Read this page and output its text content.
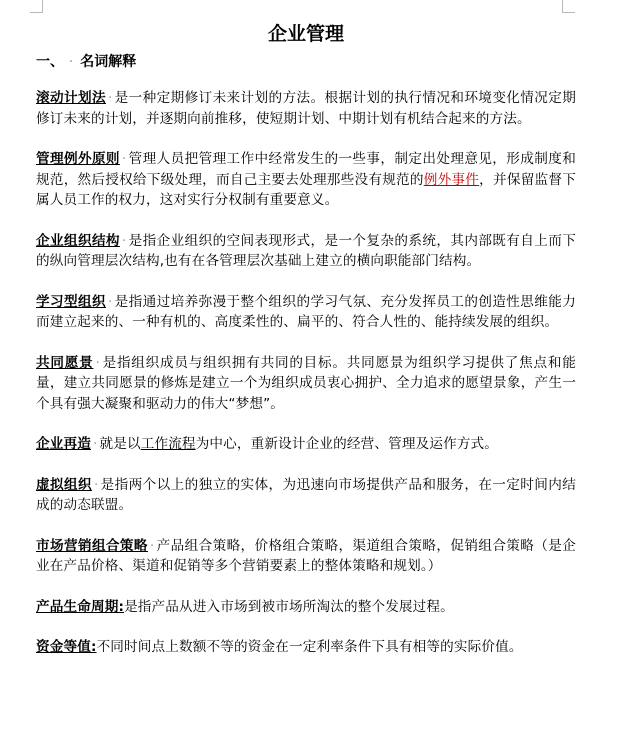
企业管理
一、 · 名词解释

滚动计划法 · 是一种定期修订未来计划的方法。根据计划的执行情况和环境变化情况定期修订未来的计划，并逐期向前推移，使短期计划、中期计划有机结合起来的方法。

管理例外原则 · 管理人员把管理工作中经常发生的一些事，制定出处理意见，形成制度和规范，然后授权给下级处理，而自己主要去处理那些没有规范的例外事件，并保留监督下属人员工作的权力，这对实行分权制有重要意义。

企业组织结构 · 是指企业组织的空间表现形式，是一个复杂的系统，其内部既有自上而下的纵向管理层次结构,也有在各管理层次基础上建立的横向职能部门结构。

学习型组织 · 是指通过培养弥漫于整个组织的学习气氛、充分发挥员工的创造性思维能力而建立起来的、一种有机的、高度柔性的、扁平的、符合人性的、能持续发展的组织。

共同愿景 · 是指组织成员与组织拥有共同的目标。共同愿景为组织学习提供了焦点和能量，建立共同愿景的修炼是建立一个为组织成员衷心拥护、全力追求的愿望景象，产生一个具有强大凝聚和驱动力的伟大“梦想”。

企业再造 · 就是以工作流程为中心，重新设计企业的经营、管理及运作方式。

虚拟组织 · 是指两个以上的独立的实体，为迅速向市场提供产品和服务，在一定时间内结成的动态联盟。

市场营销组合策略 · 产品组合策略，价格组合策略，渠道组合策略，促销组合策略（是企业在产品价格、渠道和促销等多个营销要素上的整体策略和规划。）

产品生命周期:是指产品从进入市场到被市场所淘汰的整个发展过程。

资金等值:不同时间点上数额不等的资金在一定利率条件下具有相等的实际价值。
